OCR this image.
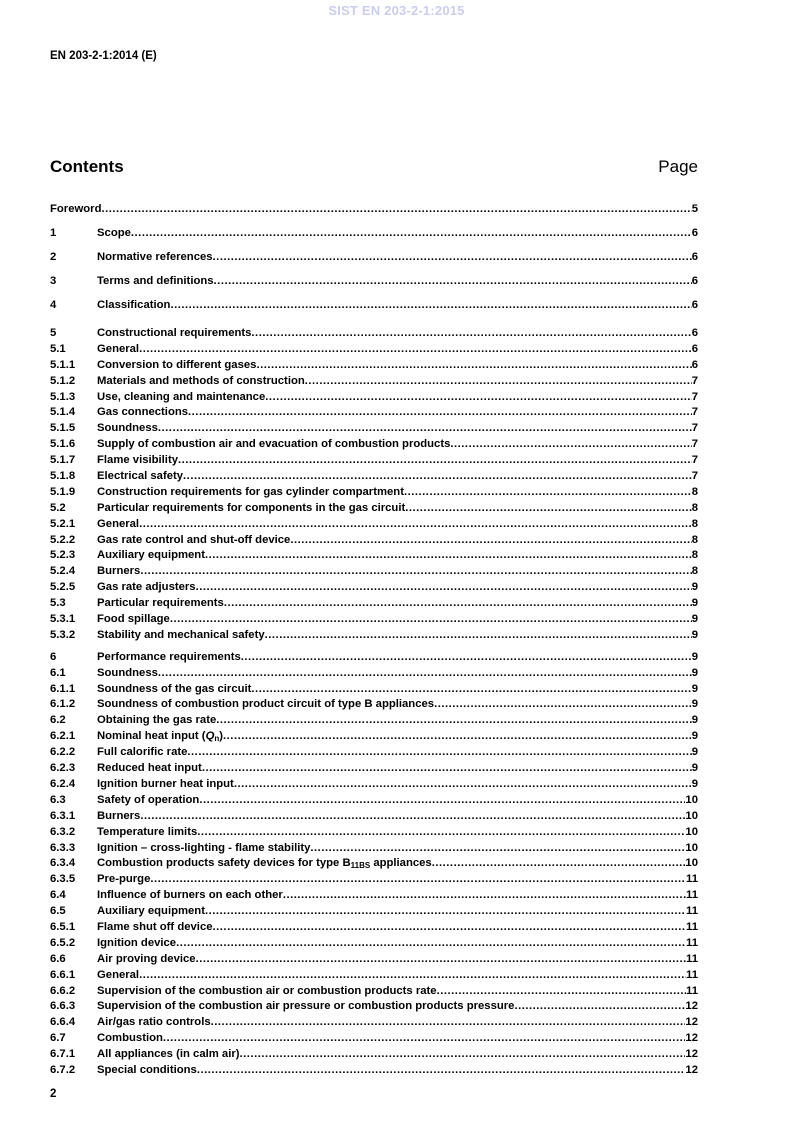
SIST EN 203-2-1:2015
EN 203-2-1:2014 (E)
Contents	Page
Foreword .....	5
1	Scope .....	6
2	Normative references .....	6
3	Terms and definitions .....	6
4	Classification .....	6
5	Constructional requirements .....	6
5.1	General .....	6
5.1.1 Conversion to different gases .....	6
5.1.2 Materials and methods of construction .....	7
5.1.3 Use, cleaning and maintenance .....	7
5.1.4 Gas connections .....	7
5.1.5 Soundness .....	7
5.1.6 Supply of combustion air and evacuation of combustion products .....	7
5.1.7 Flame visibility .....	7
5.1.8 Electrical safety .....	7
5.1.9 Construction requirements for gas cylinder compartment .....	8
5.2	Particular requirements for components in the gas circuit .....	8
5.2.1 General .....	8
5.2.2 Gas rate control and shut-off device .....	8
5.2.3 Auxiliary equipment .....	8
5.2.4 Burners .....	8
5.2.5 Gas rate adjusters .....	9
5.3	Particular requirements .....	9
5.3.1 Food spillage .....	9
5.3.2 Stability and mechanical safety .....	9
6	Performance requirements .....	9
6.1	Soundness .....	9
6.1.1 Soundness of the gas circuit .....	9
6.1.2 Soundness of combustion product circuit of type B appliances .....	9
6.2	Obtaining the gas rate .....	9
6.2.1 Nominal heat input $(Q_n)$ .....	9
6.2.2 Full calorific rate .....	9
6.2.3 Reduced heat input .....	9
6.2.4 Ignition burner heat input .....	9
6.3	Safety of operation .....	10
6.3.1 Burners .....	10
6.3.2 Temperature limits .....	10
6.3.3 Ignition – cross-lighting - flame stability .....	10
6.3.4 Combustion products safety devices for type $B_{11BS}$ appliances .....	10
6.3.5 Pre-purge .....	11
6.4	Influence of burners on each other .....	11
6.5	Auxiliary equipment .....	11
6.5.1 Flame shut off device .....	11
6.5.2 Ignition device .....	11
6.6	Air proving device .....	11
6.6.1 General .....	11
6.6.2 Supervision of the combustion air or combustion products rate .....	11
6.6.3 Supervision of the combustion air pressure or combustion products pressure .....	12
6.6.4 Air/gas ratio controls .....	12
6.7	Combustion .....	12
6.7.1 All appliances (in calm air) .....	12
6.7.2 Special conditions .....	12
2
